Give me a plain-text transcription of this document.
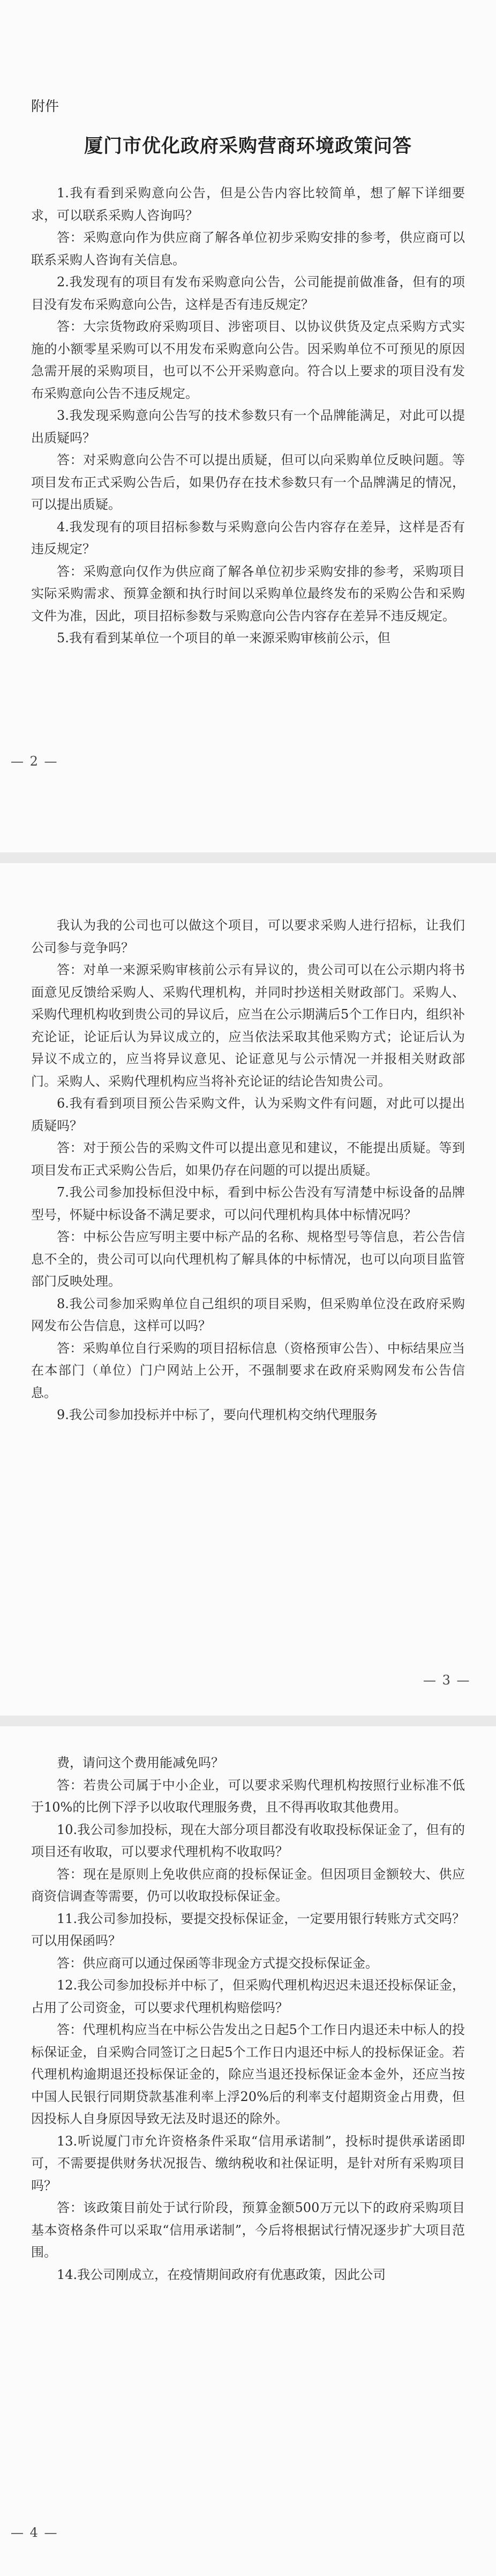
附件
厦门市优化政府采购营商环境政策问答

1.我有看到采购意向公告，但是公告内容比较简单，想了解下详细要求，可以联系采购人咨询吗？

答：采购意向作为供应商了解各单位初步采购安排的参考，供应商可以联系采购人咨询有关信息。

2.我发现有的项目有发布采购意向公告，公司能提前做准备，但有的项目没有发布采购意向公告，这样是否有违反规定？

答：大宗货物政府采购项目、涉密项目、以协议供货及定点采购方式实施的小额零星采购可以不用发布采购意向公告。因采购单位不可预见的原因急需开展的采购项目，也可以不公开采购意向。符合以上要求的项目没有发布采购意向公告不违反规定。

3.我发现采购意向公告写的技术参数只有一个品牌能满足，对此可以提出质疑吗？

答：对采购意向公告不可以提出质疑，但可以向采购单位反映问题。等项目发布正式采购公告后，如果仍存在技术参数只有一个品牌满足的情况，可以提出质疑。

4.我发现有的项目招标参数与采购意向公告内容存在差异，这样是否有违反规定？

答：采购意向仅作为供应商了解各单位初步采购安排的参考，采购项目实际采购需求、预算金额和执行时间以采购单位最终发布的采购公告和采购文件为准，因此，项目招标参数与采购意向公告内容存在差异不违反规定。

5.我有看到某单位一个项目的单一来源采购审核前公示，但

— 2 —

我认为我的公司也可以做这个项目，可以要求采购人进行招标，让我们公司参与竞争吗？

答：对单一来源采购审核前公示有异议的，贵公司可以在公示期内将书面意见反馈给采购人、采购代理机构，并同时抄送相关财政部门。采购人、采购代理机构收到贵公司的异议后，应当在公示期满后5个工作日内，组织补充论证，论证后认为异议成立的，应当依法采取其他采购方式；论证后认为异议不成立的，应当将异议意见、论证意见与公示情况一并报相关财政部门。采购人、采购代理机构应当将补充论证的结论告知贵公司。

6.我有看到项目预公告采购文件，认为采购文件有问题，对此可以提出质疑吗？

答：对于预公告的采购文件可以提出意见和建议，不能提出质疑。等到项目发布正式采购公告后，如果仍存在问题的可以提出质疑。

7.我公司参加投标但没中标，看到中标公告没有写清楚中标设备的品牌型号，怀疑中标设备不满足要求，可以问代理机构具体中标情况吗？

答：中标公告应写明主要中标产品的名称、规格型号等信息，若公告信息不全的，贵公司可以向代理机构了解具体的中标情况，也可以向项目监管部门反映处理。

8.我公司参加采购单位自己组织的项目采购，但采购单位没在政府采购网发布公告信息，这样可以吗？

答：采购单位自行采购的项目招标信息（资格预审公告）、中标结果应当在本部门（单位）门户网站上公开，不强制要求在政府采购网发布公告信息。

9.我公司参加投标并中标了，要向代理机构交纳代理服务

— 3 —

费，请问这个费用能减免吗？

答：若贵公司属于中小企业，可以要求采购代理机构按照行业标准不低于10%的比例下浮予以收取代理服务费，且不得再收取其他费用。

10.我公司参加投标，现在大部分项目都没有收取投标保证金了，但有的项目还有收取，可以要求代理机构不收取吗？

答：现在是原则上免收供应商的投标保证金。但因项目金额较大、供应商资信调查等需要，仍可以收取投标保证金。

11.我公司参加投标，要提交投标保证金，一定要用银行转账方式交吗？可以用保函吗？

答：供应商可以通过保函等非现金方式提交投标保证金。

12.我公司参加投标并中标了，但采购代理机构迟迟未退还投标保证金，占用了公司资金，可以要求代理机构赔偿吗？

答：代理机构应当在中标公告发出之日起5个工作日内退还未中标人的投标保证金，自采购合同签订之日起5个工作日内退还中标人的投标保证金。若代理机构逾期退还投标保证金的，除应当退还投标保证金本金外，还应当按中国人民银行同期贷款基准利率上浮20%后的利率支付超期资金占用费，但因投标人自身原因导致无法及时退还的除外。

13.听说厦门市允许资格条件采取“信用承诺制”，投标时提供承诺函即可，不需要提供财务状况报告、缴纳税收和社保证明，是针对所有采购项目吗？

答：该政策目前处于试行阶段，预算金额500万元以下的政府采购项目基本资格条件可以采取“信用承诺制”，今后将根据试行情况逐步扩大项目范围。

14.我公司刚成立，在疫情期间政府有优惠政策，因此公司

— 4 —
